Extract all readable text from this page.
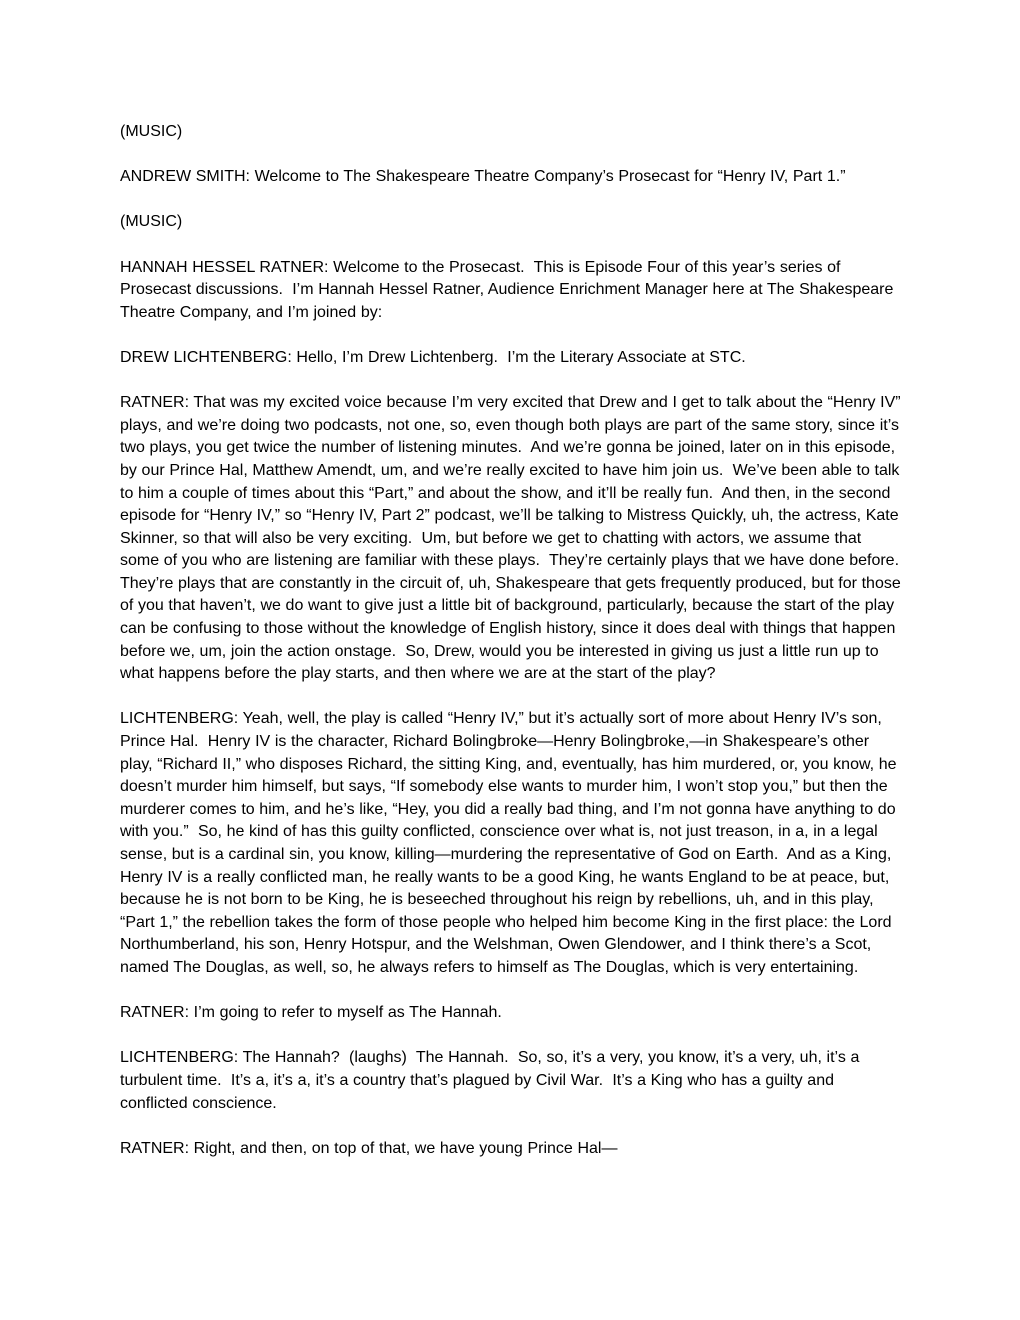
(MUSIC)

ANDREW SMITH: Welcome to The Shakespeare Theatre Company’s Prosecast for “Henry IV, Part 1.”

(MUSIC)

HANNAH HESSEL RATNER: Welcome to the Prosecast.  This is Episode Four of this year’s series of Prosecast discussions.  I’m Hannah Hessel Ratner, Audience Enrichment Manager here at The Shakespeare Theatre Company, and I’m joined by:

DREW LICHTENBERG: Hello, I’m Drew Lichtenberg.  I’m the Literary Associate at STC.

RATNER: That was my excited voice because I’m very excited that Drew and I get to talk about the “Henry IV” plays, and we’re doing two podcasts, not one, so, even though both plays are part of the same story, since it’s two plays, you get twice the number of listening minutes.  And we’re gonna be joined, later on in this episode, by our Prince Hal, Matthew Amendt, um, and we’re really excited to have him join us.  We’ve been able to talk to him a couple of times about this “Part,” and about the show, and it’ll be really fun.  And then, in the second episode for “Henry IV,” so “Henry IV, Part 2” podcast, we’ll be talking to Mistress Quickly, uh, the actress, Kate Skinner, so that will also be very exciting.  Um, but before we get to chatting with actors, we assume that some of you who are listening are familiar with these plays.  They’re certainly plays that we have done before.  They’re plays that are constantly in the circuit of, uh, Shakespeare that gets frequently produced, but for those of you that haven’t, we do want to give just a little bit of background, particularly, because the start of the play can be confusing to those without the knowledge of English history, since it does deal with things that happen before we, um, join the action onstage.  So, Drew, would you be interested in giving us just a little run up to what happens before the play starts, and then where we are at the start of the play?

LICHTENBERG: Yeah, well, the play is called “Henry IV,” but it’s actually sort of more about Henry IV’s son, Prince Hal.  Henry IV is the character, Richard Bolingbroke—Henry Bolingbroke,—in Shakespeare’s other play, “Richard II,” who disposes Richard, the sitting King, and, eventually, has him murdered, or, you know, he doesn’t murder him himself, but says, “If somebody else wants to murder him, I won’t stop you,” but then the murderer comes to him, and he’s like, “Hey, you did a really bad thing, and I’m not gonna have anything to do with you.”  So, he kind of has this guilty conflicted, conscience over what is, not just treason, in a, in a legal sense, but is a cardinal sin, you know, killing—murdering the representative of God on Earth.  And as a King, Henry IV is a really conflicted man, he really wants to be a good King, he wants England to be at peace, but, because he is not born to be King, he is beseeched throughout his reign by rebellions, uh, and in this play, “Part 1,” the rebellion takes the form of those people who helped him become King in the first place: the Lord Northumberland, his son, Henry Hotspur, and the Welshman, Owen Glendower, and I think there’s a Scot, named The Douglas, as well, so, he always refers to himself as The Douglas, which is very entertaining.

RATNER: I’m going to refer to myself as The Hannah.

LICHTENBERG: The Hannah?  (laughs)  The Hannah.  So, so, it’s a very, you know, it’s a very, uh, it’s a turbulent time.  It’s a, it’s a, it’s a country that’s plagued by Civil War.  It’s a King who has a guilty and conflicted conscience.

RATNER: Right, and then, on top of that, we have young Prince Hal—
